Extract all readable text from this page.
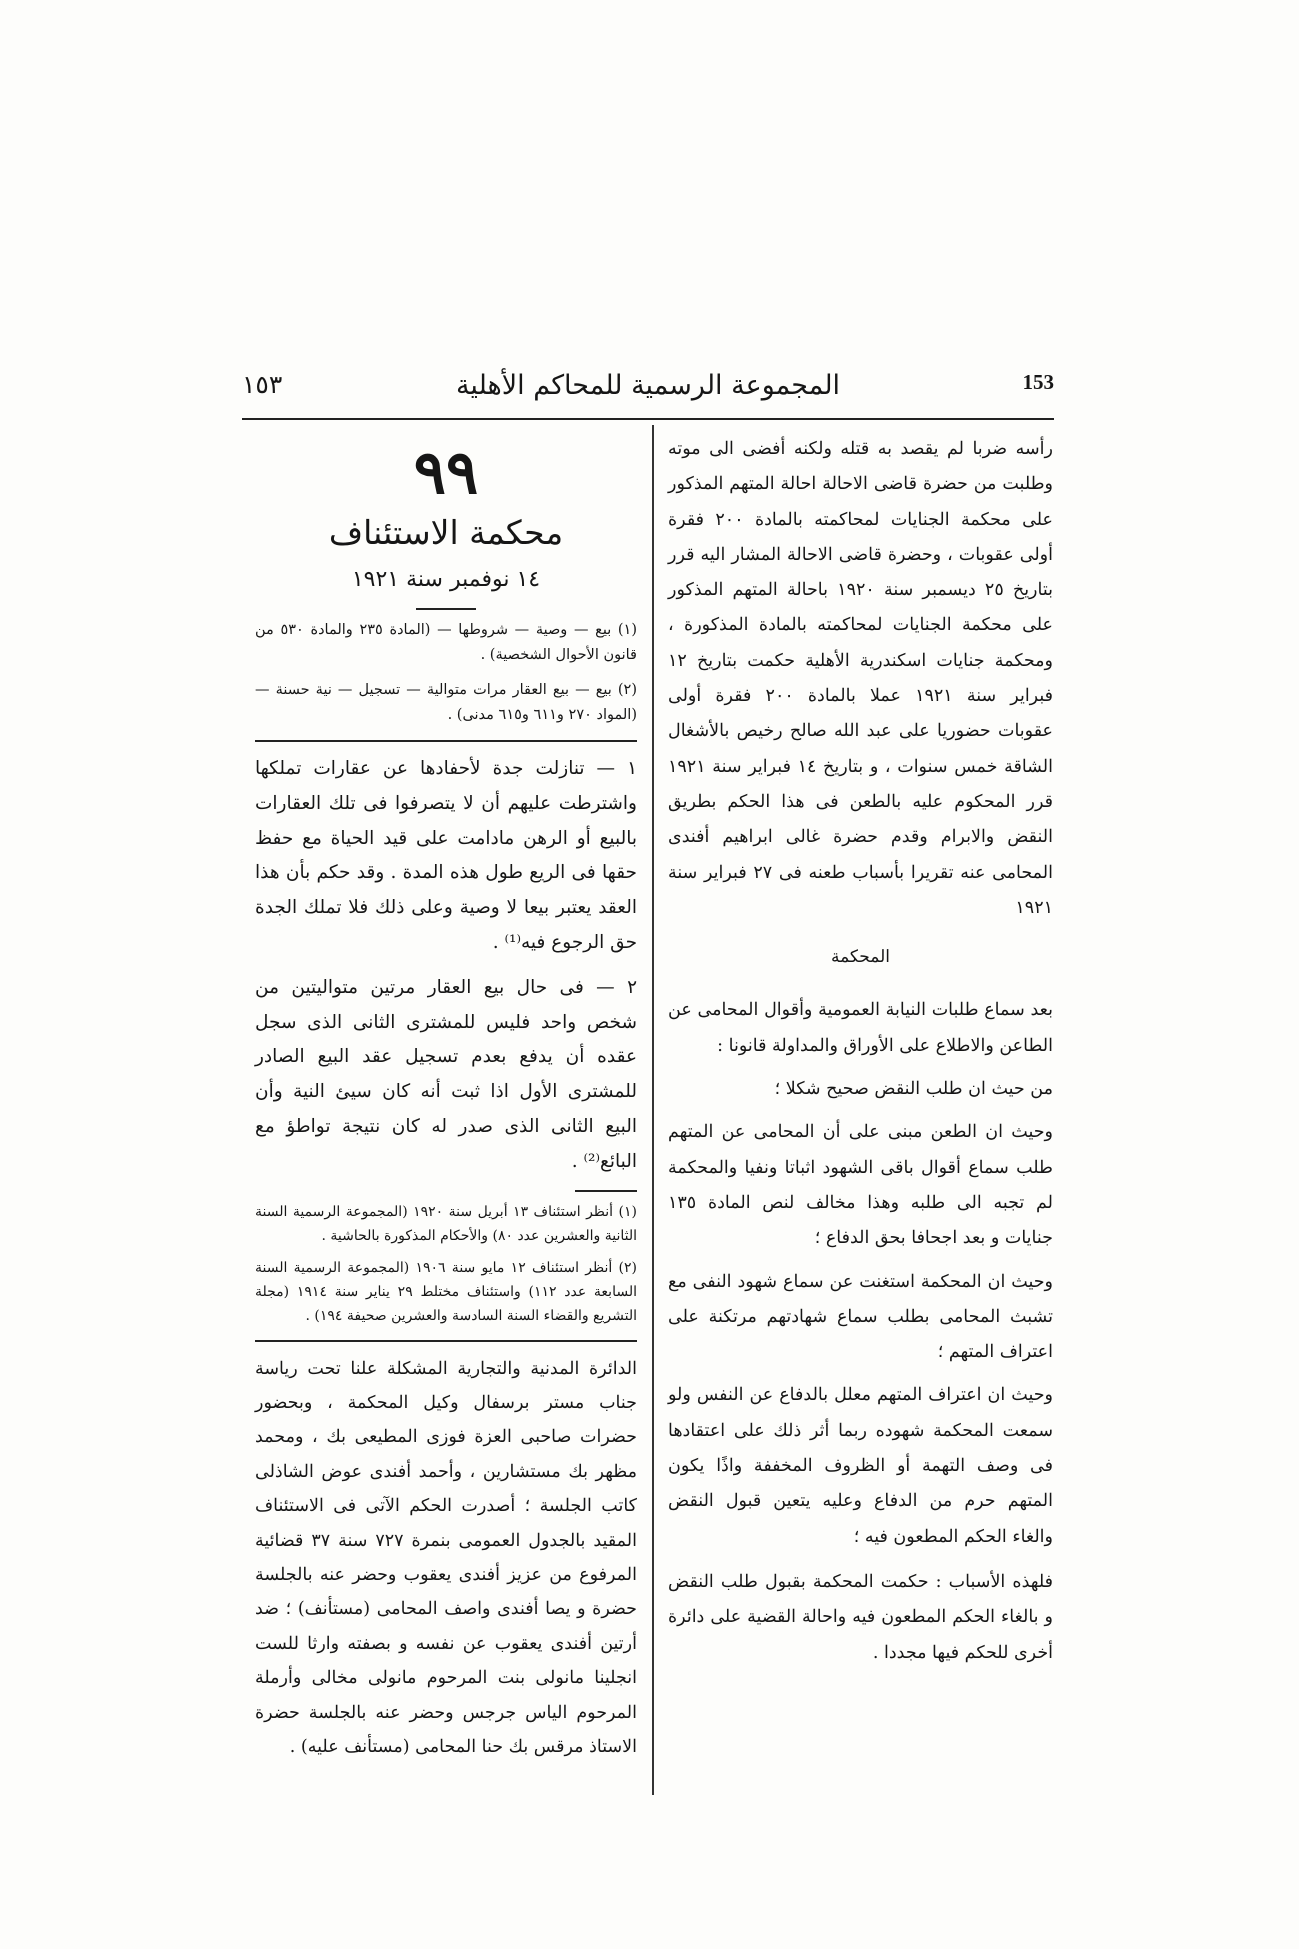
١٥٣	المجموعة الرسمية للمحاكم الأهلية	153

رأسه ضربا لم يقصد به قتله ولكنه أفضى الى موته وطلبت من حضرة قاضى الاحالة احالة المتهم المذكور على محكمة الجنايات لمحاكمته بالمادة ٢٠٠ فقرة أولى عقوبات ، وحضرة قاضى الاحالة المشار اليه قرر بتاريخ ٢٥ ديسمبر سنة ١٩٢٠ باحالة المتهم المذكور على محكمة الجنايات لمحاكمته بالمادة المذكورة ، ومحكمة جنايات اسكندرية الأهلية حكمت بتاريخ ١٢ فبراير سنة ١٩٢١ عملا بالمادة ٢٠٠ فقرة أولى عقوبات حضوريا على عبد الله صالح رخيص بالأشغال الشاقة خمس سنوات ، و بتاريخ ١٤ فبراير سنة ١٩٢١ قرر المحكوم عليه بالطعن فى هذا الحكم بطريق النقض والابرام وقدم حضرة غالى ابراهيم أفندى المحامى عنه تقريرا بأسباب طعنه فى ٢٧ فبراير سنة ١٩٢١

المحكمة

بعد سماع طلبات النيابة العمومية وأقوال المحامى عن الطاعن والاطلاع على الأوراق والمداولة قانونا :

من حيث ان طلب النقض صحيح شكلا ؛

وحيث ان الطعن مبنى على أن المحامى عن المتهم طلب سماع أقوال باقى الشهود اثباتا ونفيا والمحكمة لم تجبه الى طلبه وهذا مخالف لنص المادة ١٣٥ جنايات و بعد اجحافا بحق الدفاع ؛

وحيث ان المحكمة استغنت عن سماع شهود النفى مع تشبث المحامى بطلب سماع شهادتهم مرتكنة على اعتراف المتهم ؛

وحيث ان اعتراف المتهم معلل بالدفاع عن النفس ولو سمعت المحكمة شهوده ربما أثر ذلك على اعتقادها فى وصف التهمة أو الظروف المخففة واذًا يكون المتهم حرم من الدفاع وعليه يتعين قبول النقض والغاء الحكم المطعون فيه ؛

فلهذه الأسباب : حكمت المحكمة بقبول طلب النقض و بالغاء الحكم المطعون فيه واحالة القضية على دائرة أخرى للحكم فيها مجددا .

٩٩
محكمة الاستئناف
١٤ نوفمبر سنة ١٩٢١

(١) بيع — وصية — شروطها — (المادة ٢٣٥ والمادة ٥٣٠ من قانون الأحوال الشخصية) .

(٢) بيع — بيع العقار مرات متوالية — تسجيل — نية حسنة — (المواد ٢٧٠ و٦١١ و٦١٥ مدنى) .

١ — تنازلت جدة لأحفادها عن عقارات تملكها واشترطت عليهم أن لا يتصرفوا فى تلك العقارات بالبيع أو الرهن مادامت على قيد الحياة مع حفظ حقها فى الريع طول هذه المدة . وقد حكم بأن هذا العقد يعتبر بيعا لا وصية وعلى ذلك فلا تملك الجدة حق الرجوع فيه⁽¹⁾ .

٢ — فى حال بيع العقار مرتين متواليتين من شخص واحد فليس للمشترى الثانى الذى سجل عقده أن يدفع بعدم تسجيل عقد البيع الصادر للمشترى الأول اذا ثبت أنه كان سيئ النية وأن البيع الثانى الذى صدر له كان نتيجة تواطؤ مع البائع⁽²⁾ .

(١) أنظر استئناف ١٣ أبريل سنة ١٩٢٠ (المجموعة الرسمية السنة الثانية والعشرين عدد ٨٠) والأحكام المذكورة بالحاشية .

(٢) أنظر استئناف ١٢ مايو سنة ١٩٠٦ (المجموعة الرسمية السنة السابعة عدد ١١٢) واستئناف مختلط ٢٩ يناير سنة ١٩١٤ (مجلة التشريع والقضاء السنة السادسة والعشرين صحيفة ١٩٤) .

الدائرة المدنية والتجارية المشكلة علنا تحت رياسة جناب مستر برسفال وكيل المحكمة ، وبحضور حضرات صاحبى العزة فوزى المطيعى بك ، ومحمد مظهر بك مستشارين ، وأحمد أفندى عوض الشاذلى كاتب الجلسة ؛ أصدرت الحكم الآتى فى الاستئناف المقيد بالجدول العمومى بنمرة ٧٢٧ سنة ٣٧ قضائية المرفوع من عزيز أفندى يعقوب وحضر عنه بالجلسة حضرة و يصا أفندى واصف المحامى (مستأنف) ؛ ضد أرتين أفندى يعقوب عن نفسه و بصفته وارثا للست انجلينا مانولى بنت المرحوم مانولى مخالى وأرملة المرحوم الياس جرجس وحضر عنه بالجلسة حضرة الاستاذ مرقس بك حنا المحامى (مستأنف عليه) .
